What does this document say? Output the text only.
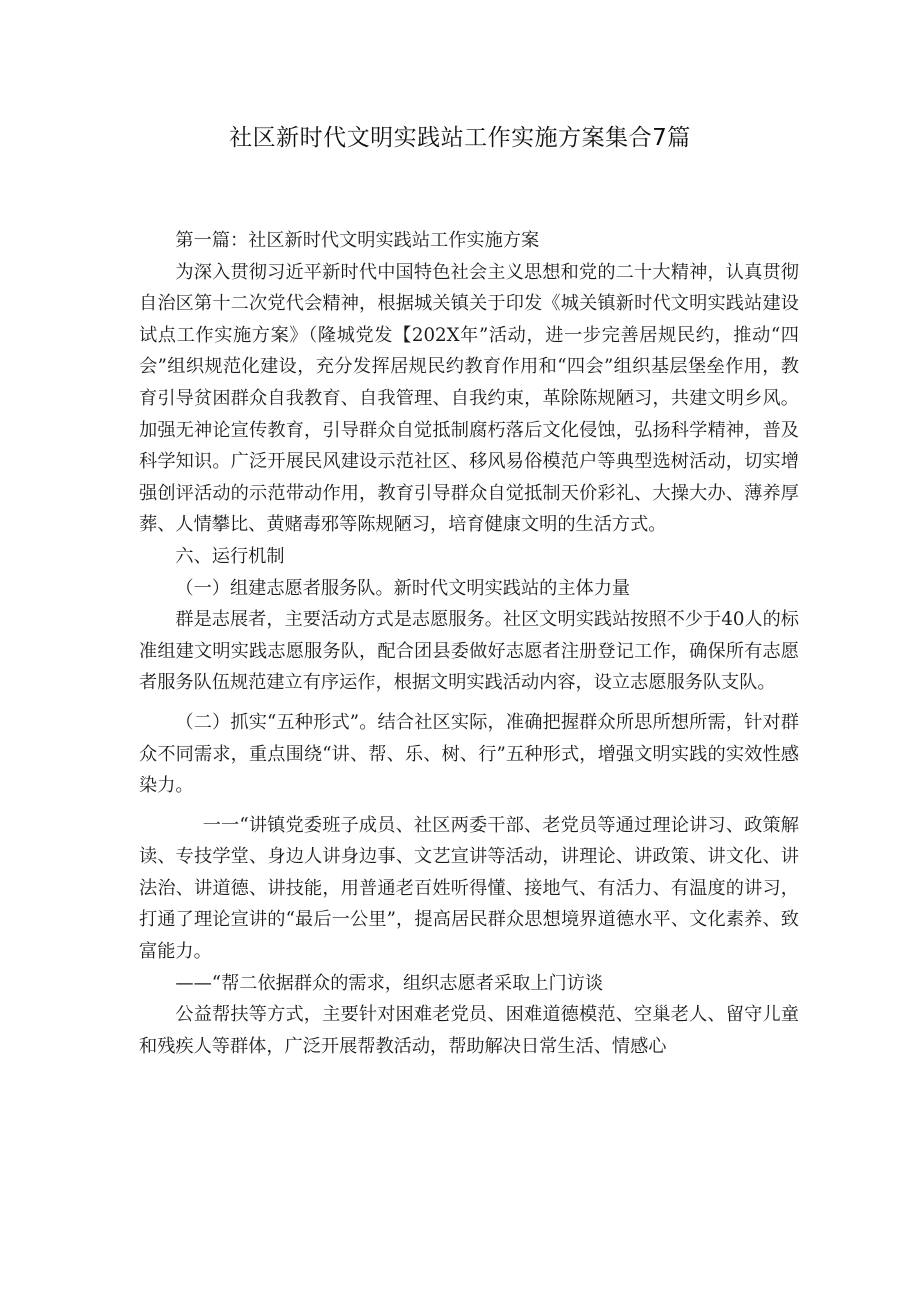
社区新时代文明实践站工作实施方案集合7篇

第一篇：社区新时代文明实践站工作实施方案

为深入贯彻习近平新时代中国特色社会主义思想和党的二十大精神，认真贯彻自治区第十二次党代会精神，根据城关镇关于印发《城关镇新时代文明实践站建设试点工作实施方案》（隆城党发【202X年”活动，进一步完善居规民约，推动“四会”组织规范化建设，充分发挥居规民约教育作用和“四会”组织基层堡垒作用，教育引导贫困群众自我教育、自我管理、自我约束，革除陈规陋习，共建文明乡风。加强无神论宣传教育，引导群众自觉抵制腐朽落后文化侵蚀，弘扬科学精神，普及科学知识。广泛开展民风建设示范社区、移风易俗模范户等典型选树活动，切实增强创评活动的示范带动作用，教育引导群众自觉抵制天价彩礼、大操大办、薄养厚葬、人情攀比、黄赌毒邪等陈规陋习，培育健康文明的生活方式。

六、运行机制

（一）组建志愿者服务队。新时代文明实践站的主体力量

群是志展者，主要活动方式是志愿服务。社区文明实践站按照不少于40人的标准组建文明实践志愿服务队，配合团县委做好志愿者注册登记工作，确保所有志愿者服务队伍规范建立有序运作，根据文明实践活动内容，设立志愿服务队支队。

（二）抓实“五种形式”。结合社区实际，准确把握群众所思所想所需，针对群众不同需求，重点围绕“讲、帮、乐、树、行”五种形式，增强文明实践的实效性感染力。

一一“讲镇党委班子成员、社区两委干部、老党员等通过理论讲习、政策解读、专技学堂、身边人讲身边事、文艺宣讲等活动，讲理论、讲政策、讲文化、讲法治、讲道德、讲技能，用普通老百姓听得懂、接地气、有活力、有温度的讲习，打通了理论宣讲的“最后一公里”，提高居民群众思想境界道德水平、文化素养、致富能力。

——“帮二依据群众的需求，组织志愿者采取上门访谈

公益帮扶等方式，主要针对困难老党员、困难道德模范、空巢老人、留守儿童和残疾人等群体，广泛开展帮教活动，帮助解决日常生活、情感心
